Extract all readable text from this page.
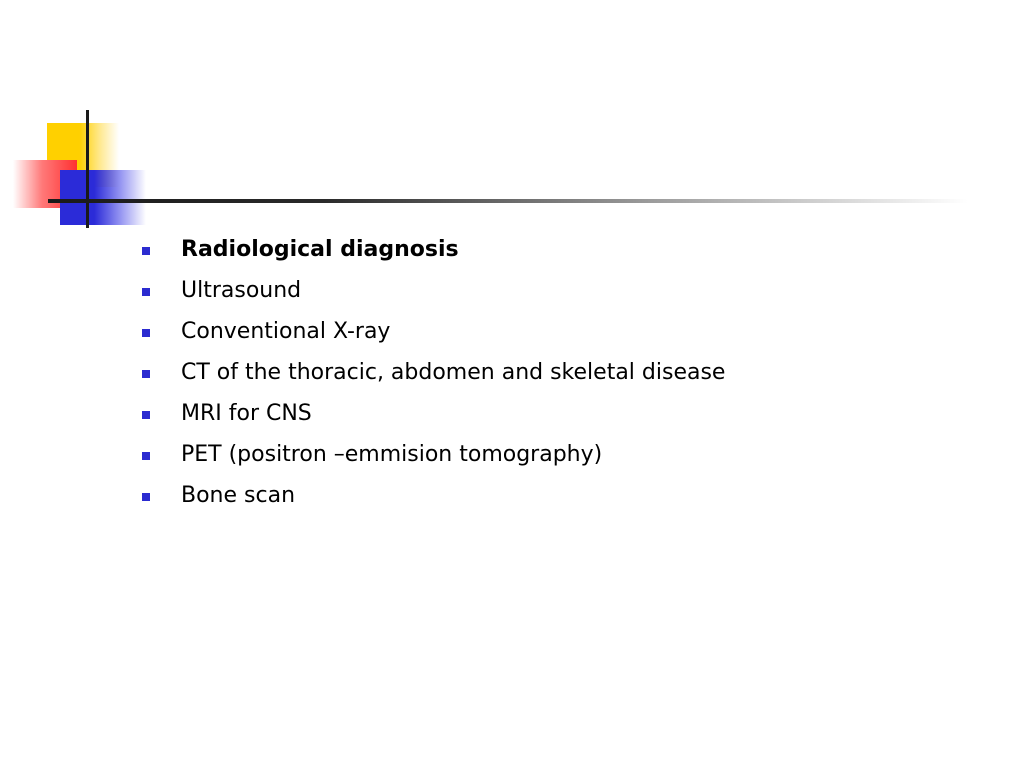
Radiological diagnosis
Ultrasound
Conventional X-ray
CT of the thoracic, abdomen and skeletal disease
MRI for CNS
PET (positron –emmision tomography)
Bone scan
